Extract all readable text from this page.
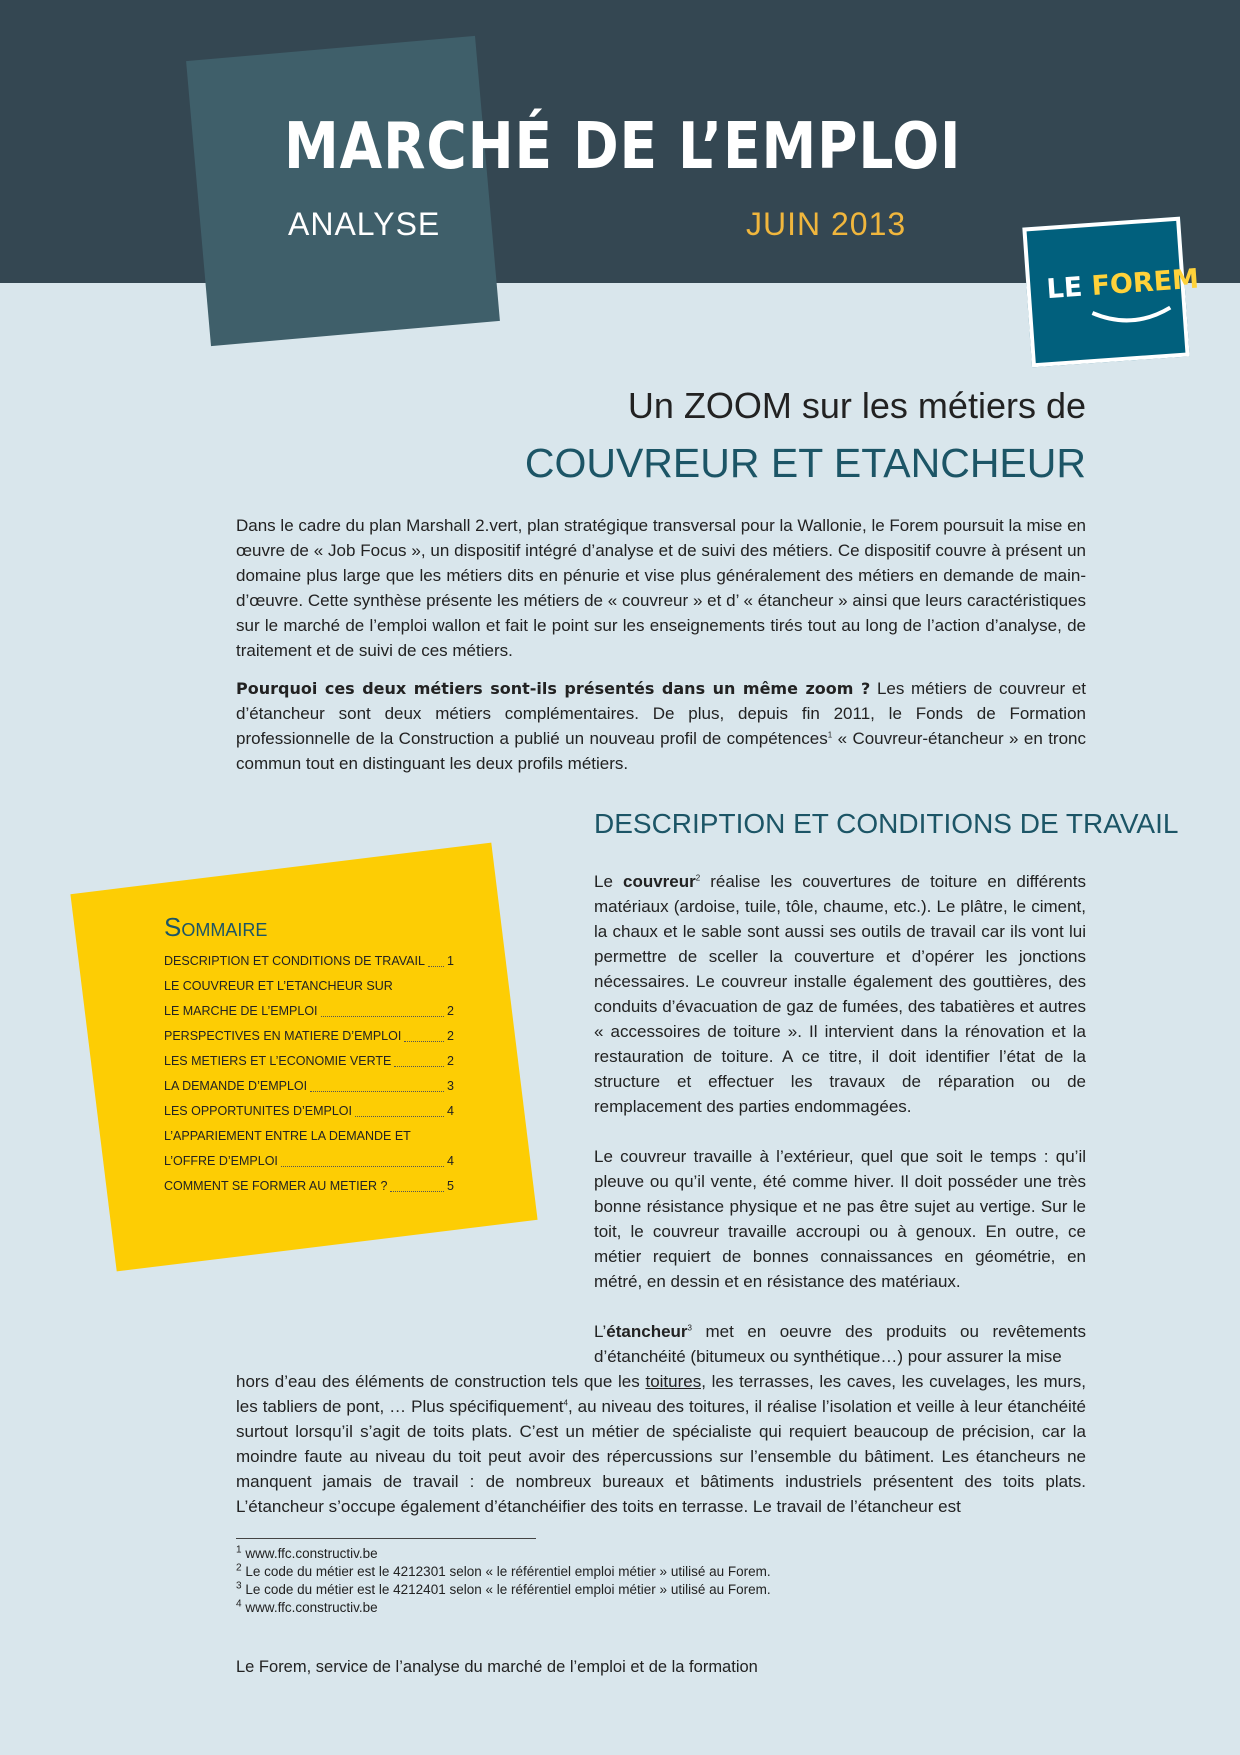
MARCHÉ DE L’EMPLOI
ANALYSE	JUIN 2013
LE FOREM
Un ZOOM sur les métiers de
COUVREUR ET ETANCHEUR

Dans le cadre du plan Marshall 2.vert, plan stratégique transversal pour la Wallonie, le Forem poursuit la mise en œuvre de « Job Focus », un dispositif intégré d’analyse et de suivi des métiers. Ce dispositif couvre à présent un domaine plus large que les métiers dits en pénurie et vise plus généralement des métiers en demande de main-d’œuvre. Cette synthèse présente les métiers de « couvreur » et d’ « étancheur » ainsi que leurs caractéristiques sur le marché de l’emploi wallon et fait le point sur les enseignements tirés tout au long de l’action d’analyse, de traitement et de suivi de ces métiers.

Pourquoi ces deux métiers sont-ils présentés dans un même zoom ? Les métiers de couvreur et d’étancheur sont deux métiers complémentaires. De plus, depuis fin 2011, le Fonds de Formation professionnelle de la Construction a publié un nouveau profil de compétences$^1$ « Couvreur-étancheur » en tronc commun tout en distinguant les deux profils métiers.

DESCRIPTION ET CONDITIONS DE TRAVAIL
Sommaire
DESCRIPTION ET CONDITIONS DE TRAVAIL 1
LE COUVREUR ET L’ETANCHEUR SUR
LE MARCHE DE L’EMPLOI	2
PERSPECTIVES EN MATIERE D’EMPLOI	2
LES METIERS ET L’ECONOMIE VERTE	2
LA DEMANDE D’EMPLOI	3
LES OPPORTUNITES D’EMPLOI	4
L’APPARIEMENT ENTRE LA DEMANDE ET
L’OFFRE D’EMPLOI	4
COMMENT SE FORMER AU METIER ?	5

Le couvreur$^2$ réalise les couvertures de toiture en différents matériaux (ardoise, tuile, tôle, chaume, etc.). Le plâtre, le ciment, la chaux et le sable sont aussi ses outils de travail car ils vont lui permettre de sceller la couverture et d’opérer les jonctions nécessaires. Le couvreur installe également des gouttières, des conduits d’évacuation de gaz de fumées, des tabatières et autres « accessoires de toiture ». Il intervient dans la rénovation et la restauration de toiture. A ce titre, il doit identifier l’état de la structure et effectuer les travaux de réparation ou de remplacement des parties endommagées.

Le couvreur travaille à l’extérieur, quel que soit le temps : qu’il pleuve ou qu’il vente, été comme hiver. Il doit posséder une très bonne résistance physique et ne pas être sujet au vertige. Sur le toit, le couvreur travaille accroupi ou à genoux. En outre, ce métier requiert de bonnes connaissances en géométrie, en métré, en dessin et en résistance des matériaux.

L’étancheur$^3$ met en oeuvre des produits ou revêtements d’étanchéité (bitumeux ou synthétique…) pour assurer la mise

hors d’eau des éléments de construction tels que les toitures, les terrasses, les caves, les cuvelages, les murs, les tabliers de pont, … Plus spécifiquement$^4$, au niveau des toitures, il réalise l’isolation et veille à leur étanchéité surtout lorsqu’il s’agit de toits plats. C’est un métier de spécialiste qui requiert beaucoup de précision, car la moindre faute au niveau du toit peut avoir des répercussions sur l’ensemble du bâtiment. Les étancheurs ne manquent jamais de travail : de nombreux bureaux et bâtiments industriels présentent des toits plats. L’étancheur s’occupe également d’étanchéifier des toits en terrasse. Le travail de l’étancheur est

$^1$ www.ffc.constructiv.be
$^2$ Le code du métier est le 4212301 selon « le référentiel emploi métier » utilisé au Forem.
$^3$ Le code du métier est le 4212401 selon « le référentiel emploi métier » utilisé au Forem.
$^4$ www.ffc.constructiv.be
Le Forem, service de l’analyse du marché de l’emploi et de la formation
